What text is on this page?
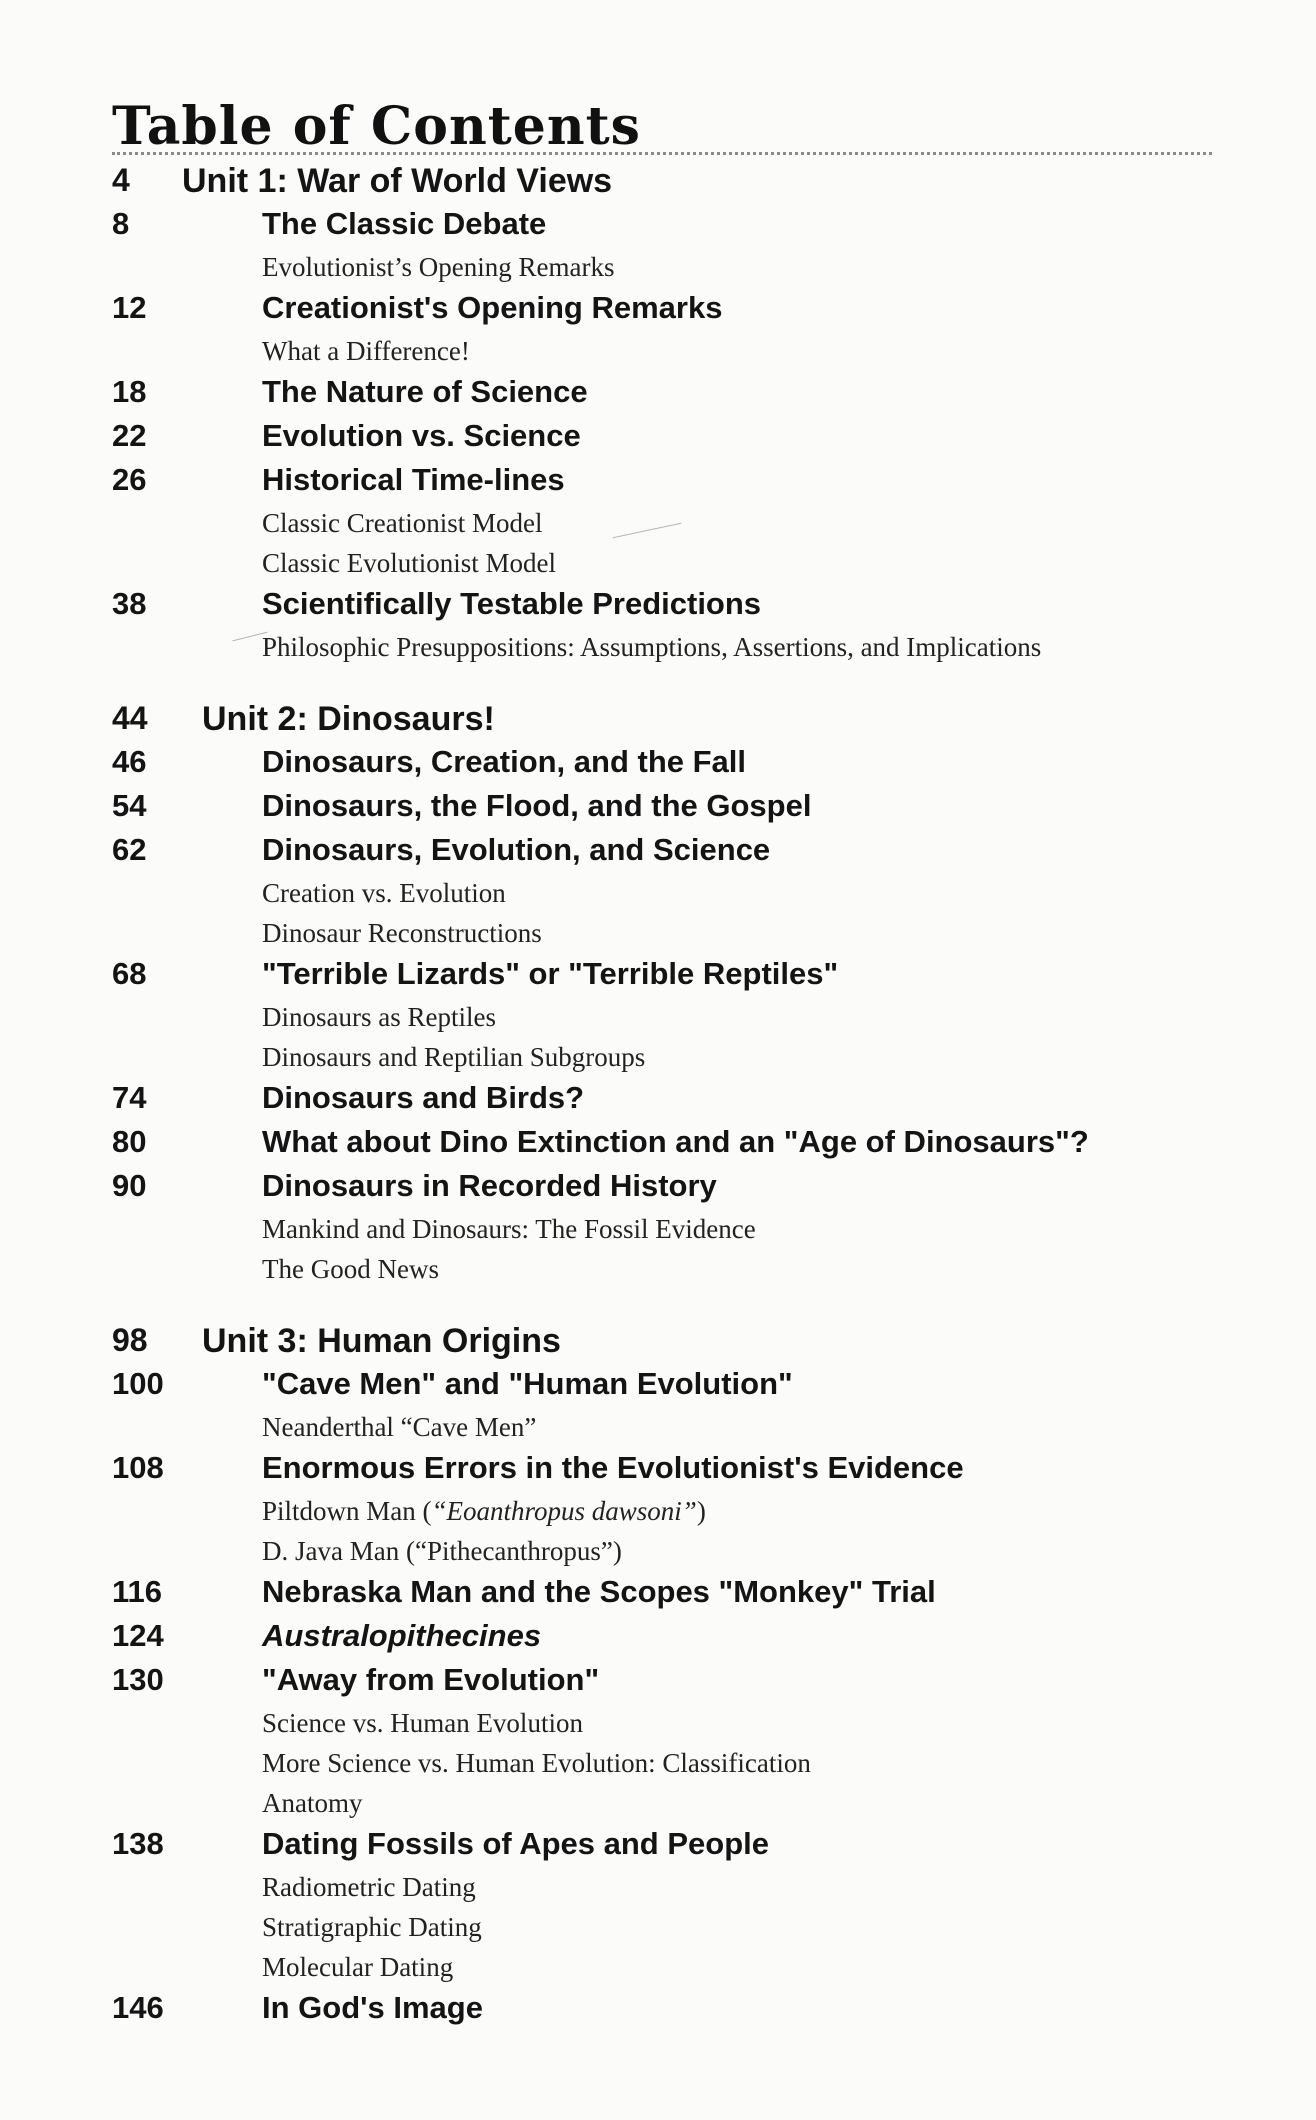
Table of Contents
4 Unit 1: War of World Views
8	The Classic Debate
Evolutionist’s Opening Remarks
12	Creationist's Opening Remarks
What a Difference!
18	The Nature of Science
22	Evolution vs. Science
26	Historical Time-lines
Classic Creationist Model
Classic Evolutionist Model
38	Scientifically Testable Predictions
Philosophic Presuppositions: Assumptions, Assertions, and Implications
44 Unit 2: Dinosaurs!
46	Dinosaurs, Creation, and the Fall
54	Dinosaurs, the Flood, and the Gospel
62	Dinosaurs, Evolution, and Science
Creation vs. Evolution
Dinosaur Reconstructions
68	"Terrible Lizards" or "Terrible Reptiles"
Dinosaurs as Reptiles
Dinosaurs and Reptilian Subgroups
74	Dinosaurs and Birds?
80	What about Dino Extinction and an "Age of Dinosaurs"?
90	Dinosaurs in Recorded History
Mankind and Dinosaurs: The Fossil Evidence
The Good News
98 Unit 3: Human Origins
100	"Cave Men" and "Human Evolution"
Neanderthal “Cave Men”
108	Enormous Errors in the Evolutionist's Evidence
Piltdown Man (“Eoanthropus dawsoni”)
D. Java Man (“Pithecanthropus”)
116	Nebraska Man and the Scopes "Monkey" Trial
124	Australopithecines
130	"Away from Evolution"
Science vs. Human Evolution
More Science vs. Human Evolution: Classification
Anatomy
138	Dating Fossils of Apes and People
Radiometric Dating
Stratigraphic Dating
Molecular Dating
146	In God's Image
